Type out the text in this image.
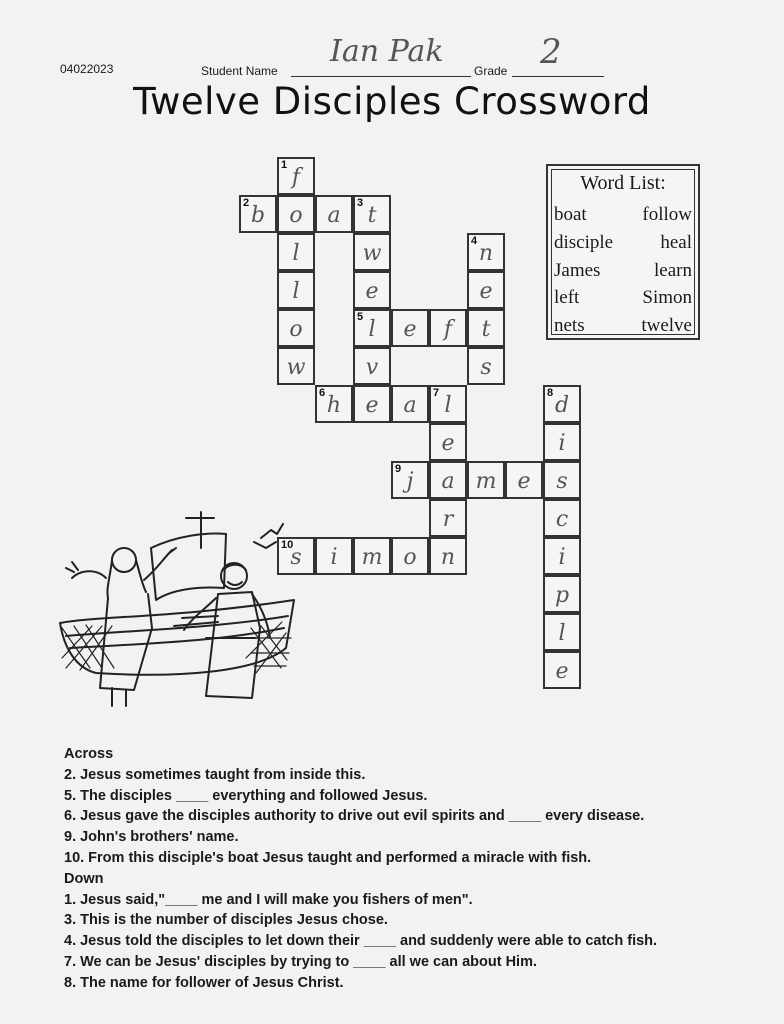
04022023	Student Name
Ian Pak
Grade 2
Twelve Disciples Crossword
f
1
b
2	o	a	t
3
l
l
o
w
w
e
l
5
v
e
n
4
e
t
s
e	f
h
6	a	l
7
e
a
r
n
j
9	m e	s
s
10	i	m o
d
8
i
c
i
p
l
e
Word List:
boat	follow
disciple heal
James	learn
left	Simon
nets	twelve
Across
2. Jesus sometimes taught from inside this.
5. The disciples ____ everything and followed Jesus.
6. Jesus gave the disciples authority to drive out evil spirits and ____ every disease.
9. John's brothers' name.
10. From this disciple's boat Jesus taught and performed a miracle with fish.
Down
1. Jesus said,"____ me and I will make you fishers of men".
3. This is the number of disciples Jesus chose.
4. Jesus told the disciples to let down their ____ and suddenly were able to catch fish.
7. We can be Jesus' disciples by trying to ____ all we can about Him.
8. The name for follower of Jesus Christ.
